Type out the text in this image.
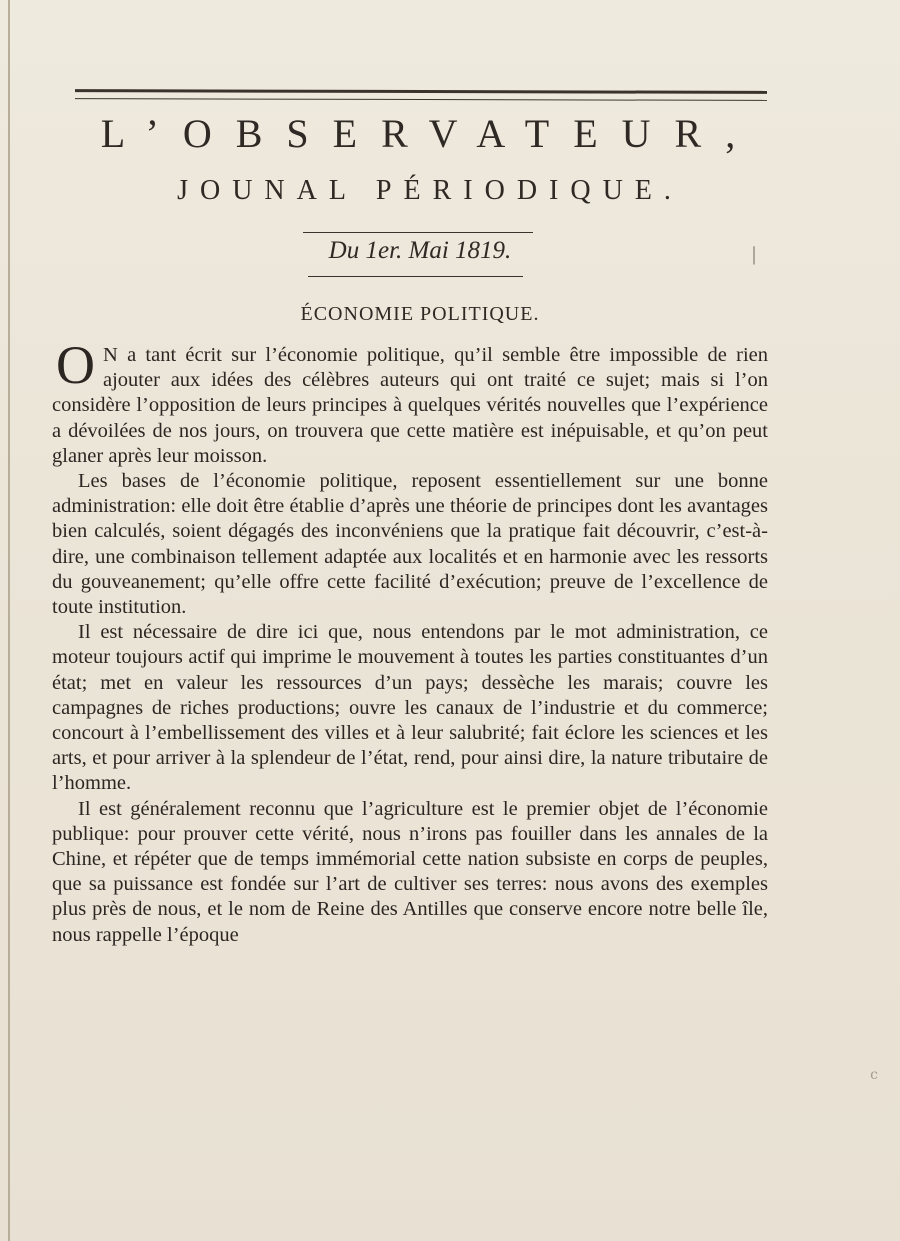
L’OBSERVATEUR,
JOUNAL PÉRIODIQUE.
Du 1er. Mai 1819.	|
ÉCONOMIE POLITIQUE.

O N a tant écrit sur l’économie politique, qu’il semble être impossible de rien ajouter aux idées des célèbres auteurs qui ont traité ce sujet; mais si l’on considère l’opposition de leurs principes à quelques vérités nouvelles que l’expérience a dévoilées de nos jours, on trouvera que cette matière est inépuisable, et qu’on peut glaner après leur moisson.

Les bases de l’économie politique, reposent essentiellement sur une bonne administration: elle doit être établie d’après une théorie de principes dont les avantages bien calculés, soient dégagés des inconvéniens que la pratique fait découvrir, c’est-à-dire, une combinaison tellement adaptée aux localités et en harmonie avec les ressorts du gouveanement; qu’elle offre cette facilité d’exécution; preuve de l’excellence de toute institution.

Il est nécessaire de dire ici que, nous entendons par le mot administration, ce moteur toujours actif qui imprime le mouvement à toutes les parties constituantes d’un état; met en valeur les ressources d’un pays; dessèche les marais; couvre les campagnes de riches productions; ouvre les canaux de l’industrie et du commerce; concourt à l’embellissement des villes et à leur salubrité; fait éclore les sciences et les arts, et pour arriver à la splendeur de l’état, rend, pour ainsi dire, la nature tributaire de l’homme.

Il est généralement reconnu que l’agriculture est le premier objet de l’économie publique: pour prouver cette vérité, nous n’irons pas fouiller dans les annales de la Chine, et répéter que de temps immémorial cette nation subsiste en corps de peuples, que sa puissance est fondée sur l’art de cultiver ses terres: nous avons des exemples plus près de nous, et le nom de Reine des Antilles que conserve encore notre belle île, nous rappelle l’époque

c
